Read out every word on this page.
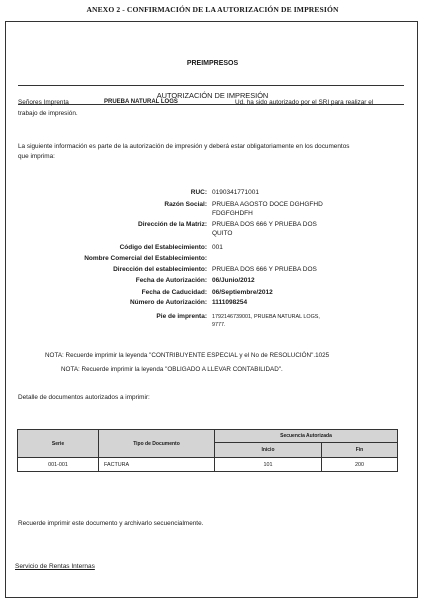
ANEXO 2 - CONFIRMACIÓN DE LA AUTORIZACIÓN DE IMPRESIÓN
PREIMPRESOS
AUTORIZACIÓN DE IMPRESIÓN
Señores Imprenta	PRUEBA NATURAL LOGS	Ud. ha sido autorizado por el SRI para realizar el
trabajo de impresión.
La siguiente información es parte de la autorización de impresión y deberá estar obligatoriamente en los documentos
que imprima:
RUC: 0190341771001
Razón Social: PRUEBA AGOSTO DOCE DGHGFHD
FDGFGHDFH
Dirección de la Matriz: PRUEBA DOS 666 Y PRUEBA DOS
QUITO
Código del Establecimiento: 001
Nombre Comercial del Establecimiento:
Dirección del establecimiento: PRUEBA DOS 666 Y PRUEBA DOS
Fecha de Autorización: 06/Junio/2012
Fecha de Caducidad: 06/Septiembre/2012
Número de Autorización: 1111098254
Pie de imprenta: 1792146739001, PRUEBA NATURAL LOGS,
9777.
NOTA: Recuerde imprimir la leyenda "CONTRIBUYENTE ESPECIAL y el No de RESOLUCIÓN".1025
NOTA: Recuerde imprimir la leyenda "OBLIGADO A LLEVAR CONTABILIDAD".
Detalle de documentos autorizados a imprimir:
Recuerde imprimir este documento y archivarlo secuencialmente.
Serie	Tipo de Documento	Secuencia Autorizada	
		Inicio	Fin
001-001	FACTURA	101	200
Servicio de Rentas Internas
